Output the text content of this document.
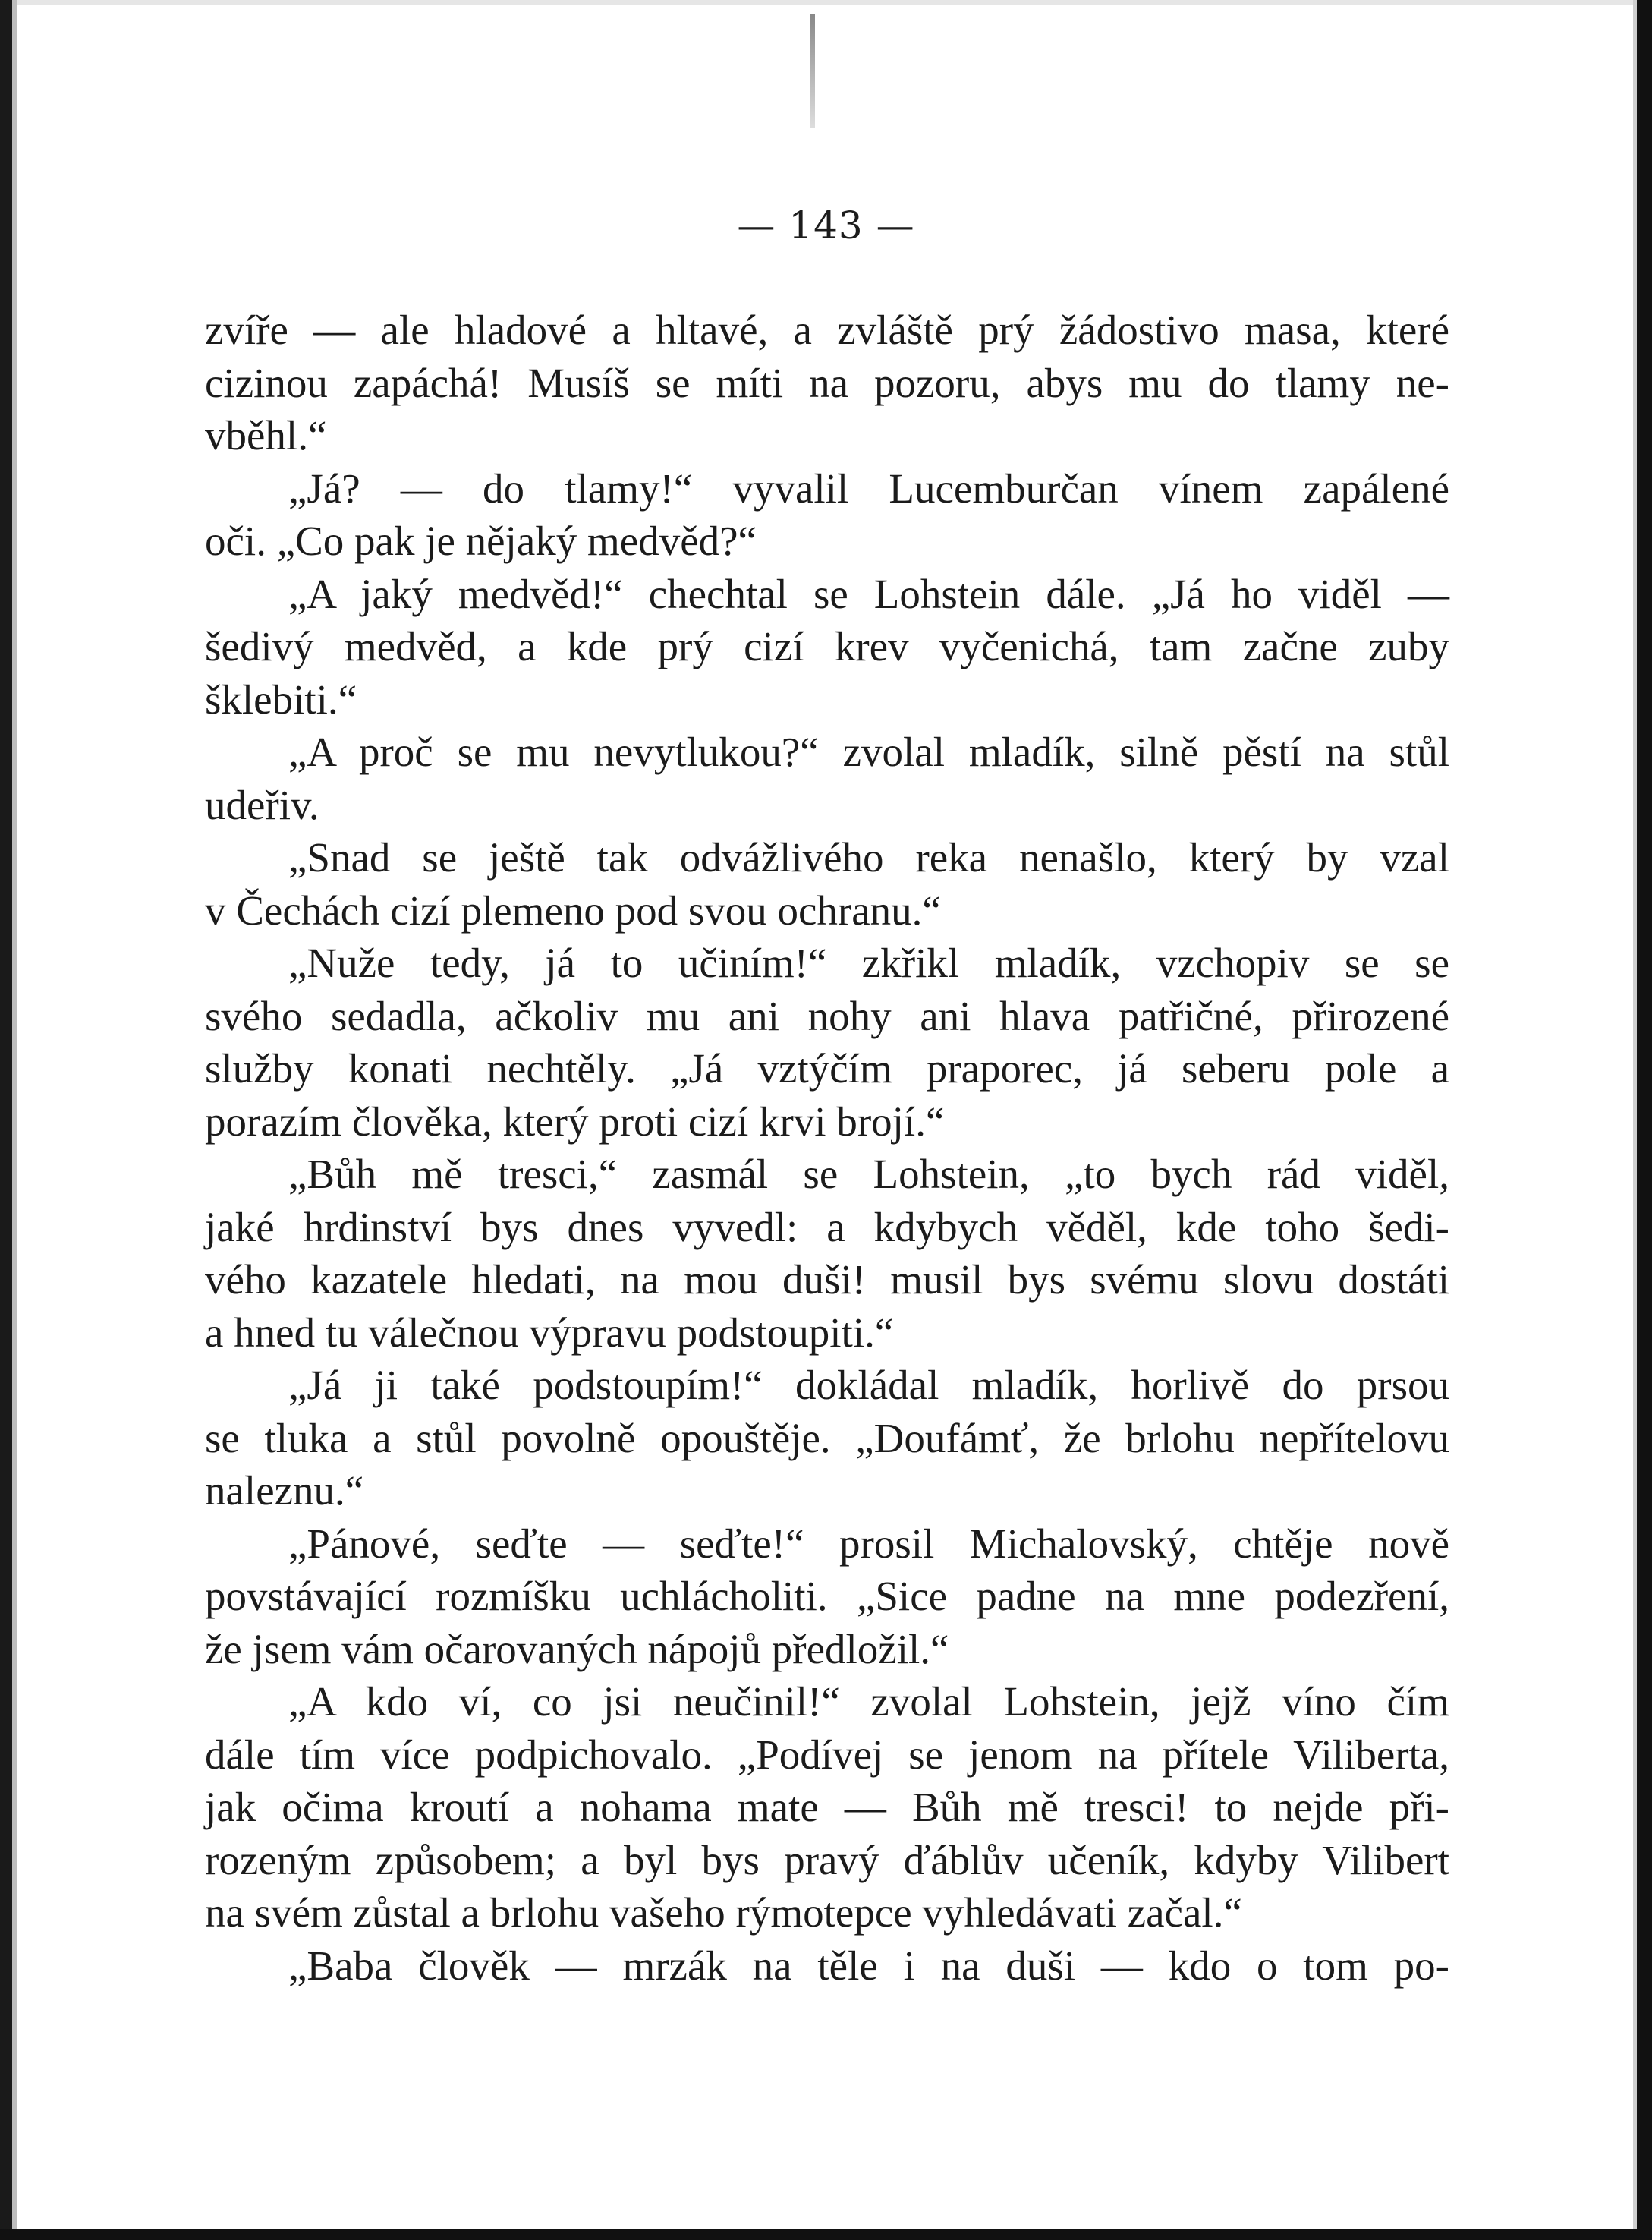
— 143 —
zvíře — ale hladové a hltavé, a zvláště prý žádostivo masa, které
cizinou zapáchá! Musíš se míti na pozoru, abys mu do tlamy ne-
vběhl.“
„Já? — do tlamy!“ vyvalil Lucemburčan vínem zapálené
oči. „Co pak je nějaký medvěd?“
„A jaký medvěd!“ chechtal se Lohstein dále. „Já ho viděl —
šedivý medvěd, a kde prý cizí krev vyčenichá, tam začne zuby
šklebiti.“
„A proč se mu nevytlukou?“ zvolal mladík, silně pěstí na stůl
udeřiv.
„Snad se ještě tak odvážlivého reka nenašlo, který by vzal
v Čechách cizí plemeno pod svou ochranu.“
„Nuže tedy, já to učiním!“ zkřikl mladík, vzchopiv se se
svého sedadla, ačkoliv mu ani nohy ani hlava patřičné, přirozené
služby konati nechtěly. „Já vztýčím praporec, já seberu pole a
porazím člověka, který proti cizí krvi brojí.“
„Bůh mě tresci,“ zasmál se Lohstein, „to bych rád viděl,
jaké hrdinství bys dnes vyvedl: a kdybych věděl, kde toho šedi-
vého kazatele hledati, na mou duši! musil bys svému slovu dostáti
a hned tu válečnou výpravu podstoupiti.“
„Já ji také podstoupím!“ dokládal mladík, horlivě do prsou
se tluka a stůl povolně opouštěje. „Doufámť, že brlohu nepřítelovu
naleznu.“
„Pánové, seďte — seďte!“ prosil Michalovský, chtěje nově
povstávající rozmíšku uchlácholiti. „Sice padne na mne podezření,
že jsem vám očarovaných nápojů předložil.“
„A kdo ví, co jsi neučinil!“ zvolal Lohstein, jejž víno čím
dále tím více podpichovalo. „Podívej se jenom na přítele Viliberta,
jak očima kroutí a nohama mate — Bůh mě tresci! to nejde při-
rozeným způsobem; a byl bys pravý ďáblův učeník, kdyby Vilibert
na svém zůstal a brlohu vašeho rýmotepce vyhledávati začal.“
„Baba člověk — mrzák na těle i na duši — kdo o tom po-
